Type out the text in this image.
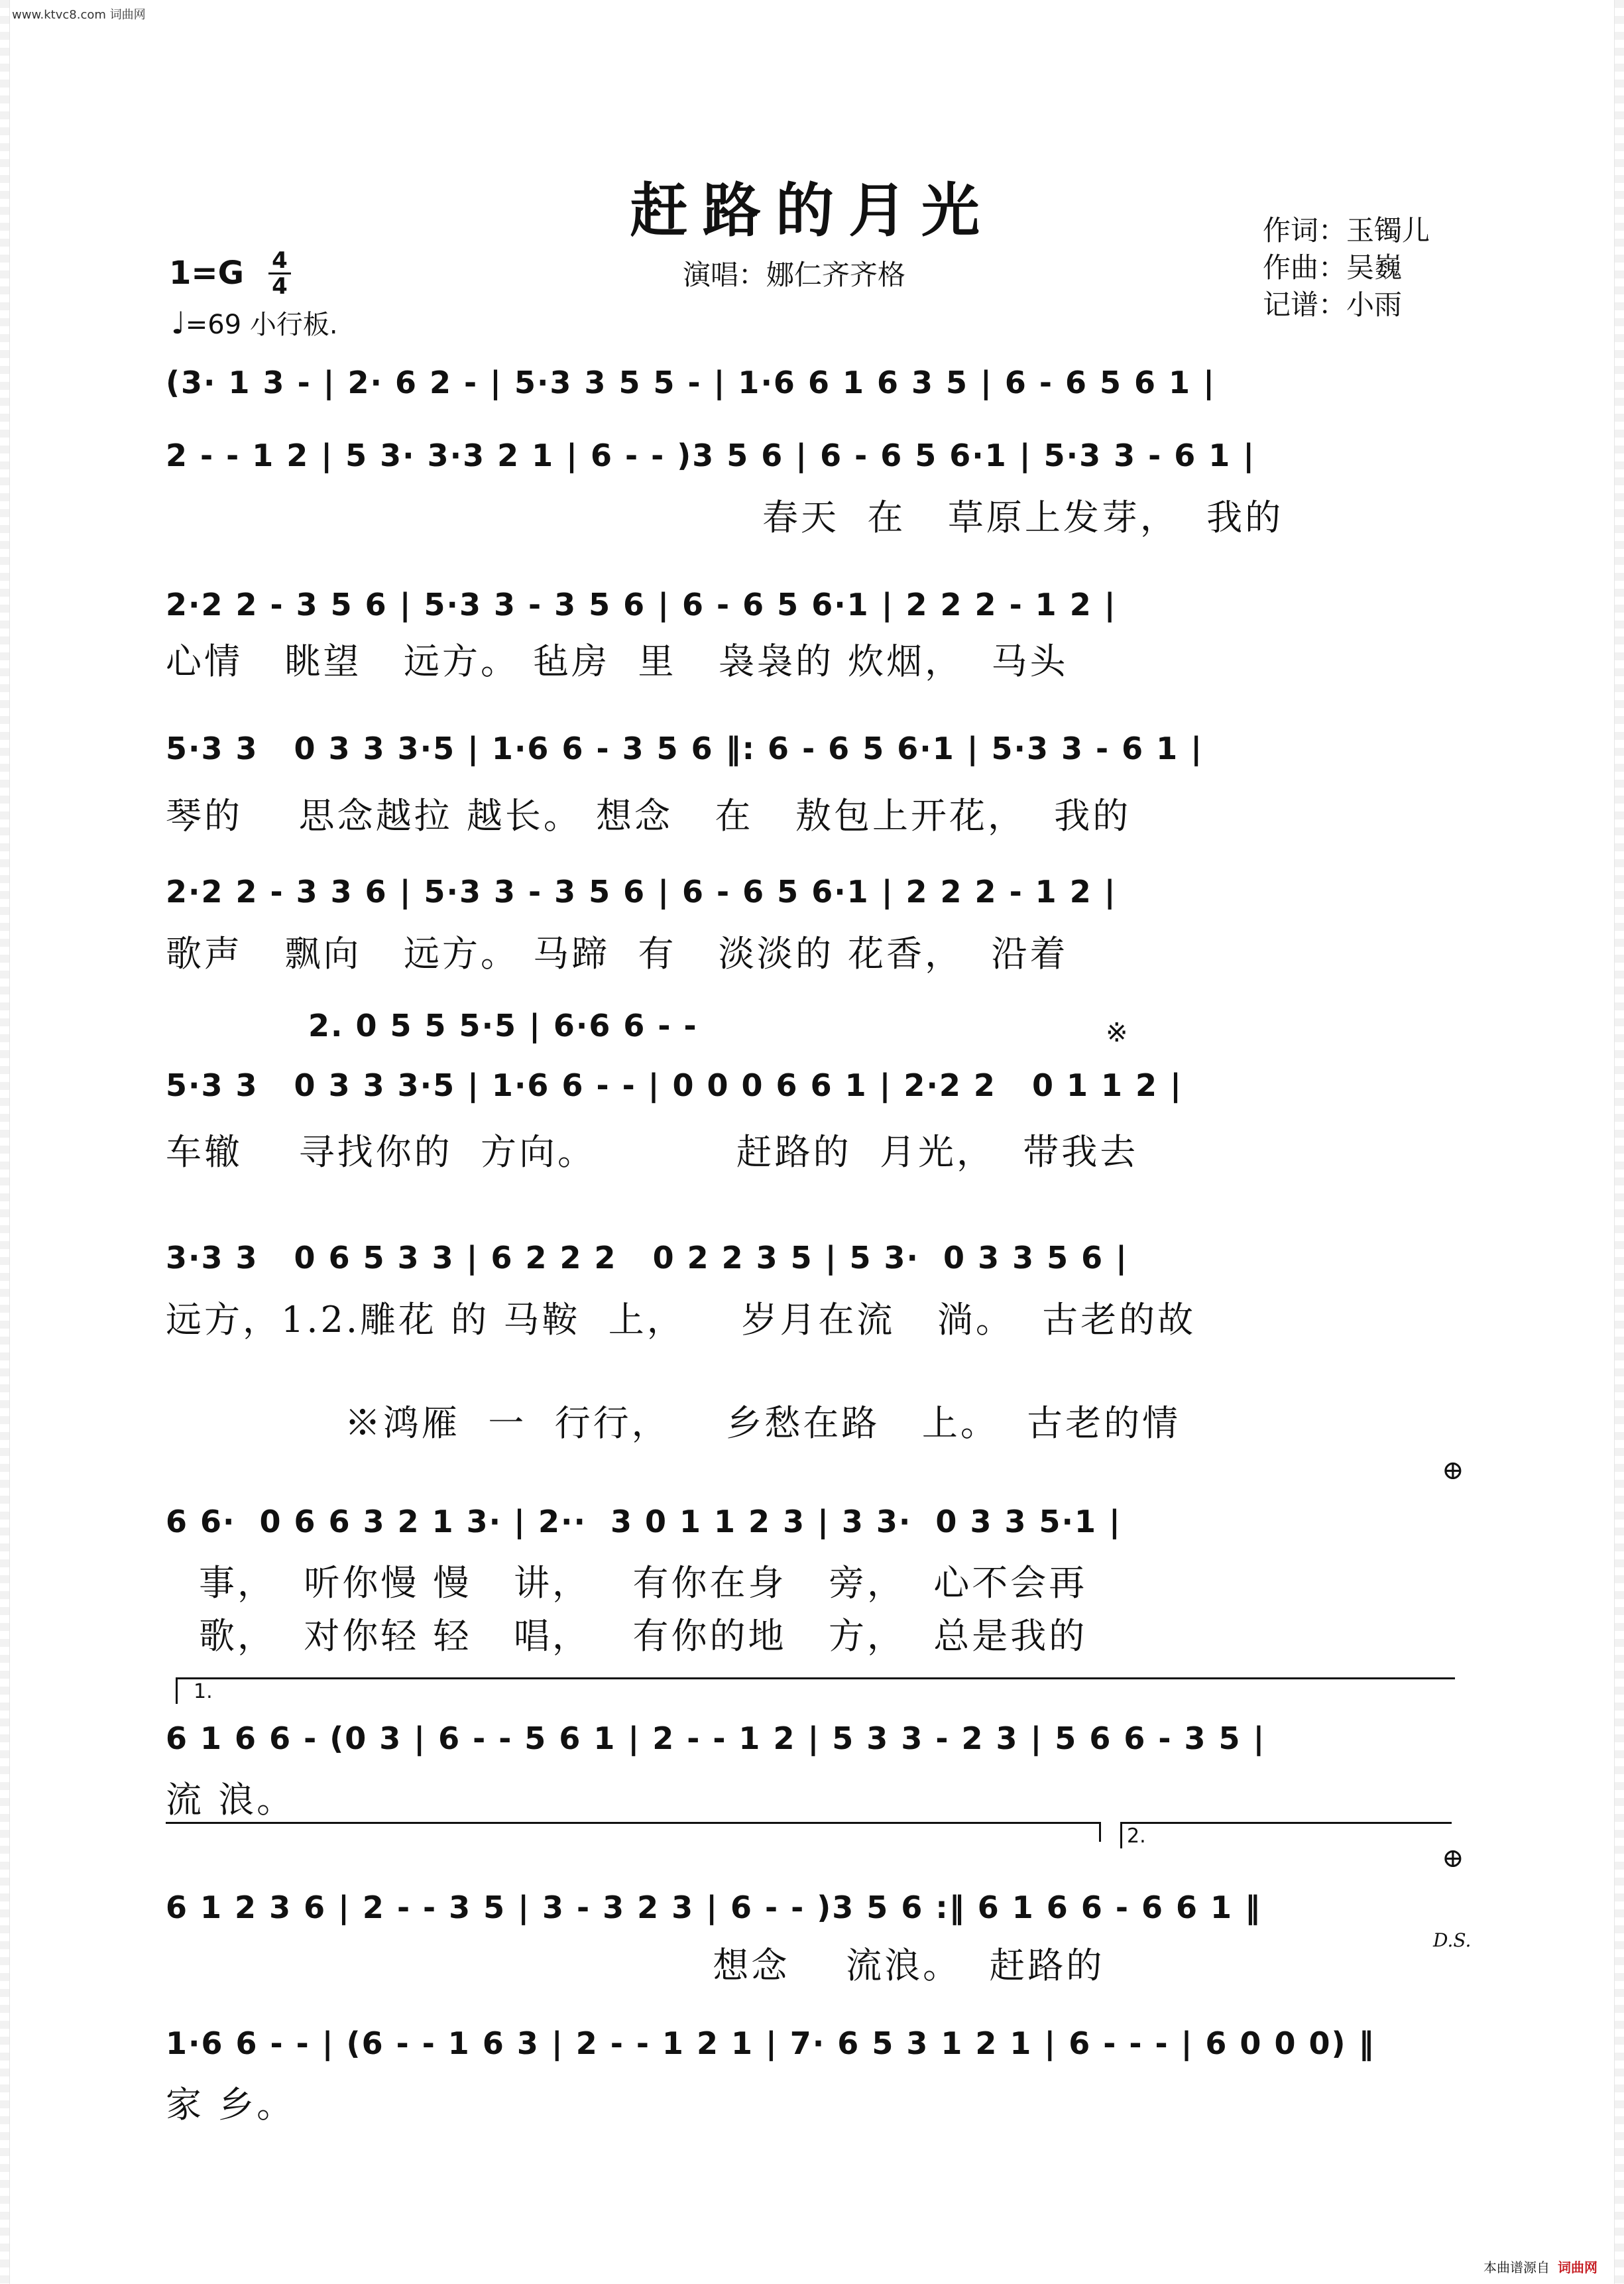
www.ktvc8.com 词曲网
赶路的月光	作词：玉镯儿
作曲：吴巍
记谱：小雨
演唱：娜仁齐齐格
1=G 4
4
♩=69 小行板.
(3· 1 3 - | 2· 6 2 - | 5·3 3 5 5 - | 1·6 6 1 6 3 5 | 6 - 6 5 6 1 |
2 - - 1 2 | 5 3· 3·3 2 1 | 6 - - )3 5 6 | 6 - 6 5 6·1 | 5·3 3 - 6 1 |
春天  在   草原上发芽，  我的
2·2 2 - 3 5 6 | 5·3 3 - 3 5 6 | 6 - 6 5 6·1 | 2 2 2 - 1 2 |
心情   眺望   远方。 毡房  里   袅袅的 炊烟，  马头
5·3 3   0 3 3 3·5 | 1·6 6 - 3 5 6 ‖: 6 - 6 5 6·1 | 5·3 3 - 6 1 |
琴的    思念越拉 越长。 想念   在   敖包上开花，  我的
2·2 2 - 3 3 6 | 5·3 3 - 3 5 6 | 6 - 6 5 6·1 | 2 2 2 - 1 2 |
歌声   飘向   远方。 马蹄  有   淡淡的 花香，  沿着
2. 0 5 5 5·5 | 6·6 6 - -	※
5·3 3   0 3 3 3·5 | 1·6 6 - - | 0 0 0 6 6 1 | 2·2 2   0 1 1 2 |
车辙    寻找你的  方向。          赶路的  月光，  带我去
3·3 3   0 6 5 3 3 | 6 2 2 2   0 2 2 3 5 | 5 3·  0 3 3 5 6 |
远方，1.2.雕花 的 马鞍  上，    岁月在流   淌。  古老的故
※鸿雁  一  行行，    乡愁在路   上。  古老的情
⊕
6 6·  0 6 6 3 2 1 3· | 2··  3 0 1 1 2 3 | 3 3·  0 3 3 5·1 |
事，  听你慢 慢   讲，   有你在身   旁，  心不会再
歌，  对你轻 轻   唱，   有你的地   方，  总是我的
1.
6 1 6 6 - (0 3 | 6 - - 5 6 1 | 2 - - 1 2 | 5 3 3 - 2 3 | 5 6 6 - 3 5 |
流 浪。
2.
⊕
6 1 2 3 6 | 2 - - 3 5 | 3 - 3 2 3 | 6 - - )3 5 6 :‖ 6 1 6 6 - 6 6 1 ‖
D.S.
想念    流浪。  赶路的
1·6 6 - - | (6 - - 1 6 3 | 2 - - 1 2 1 | 7· 6 5 3 1 2 1 | 6 - - - | 6 0 0 0) ‖
家 乡。
本曲谱源自 词曲网
